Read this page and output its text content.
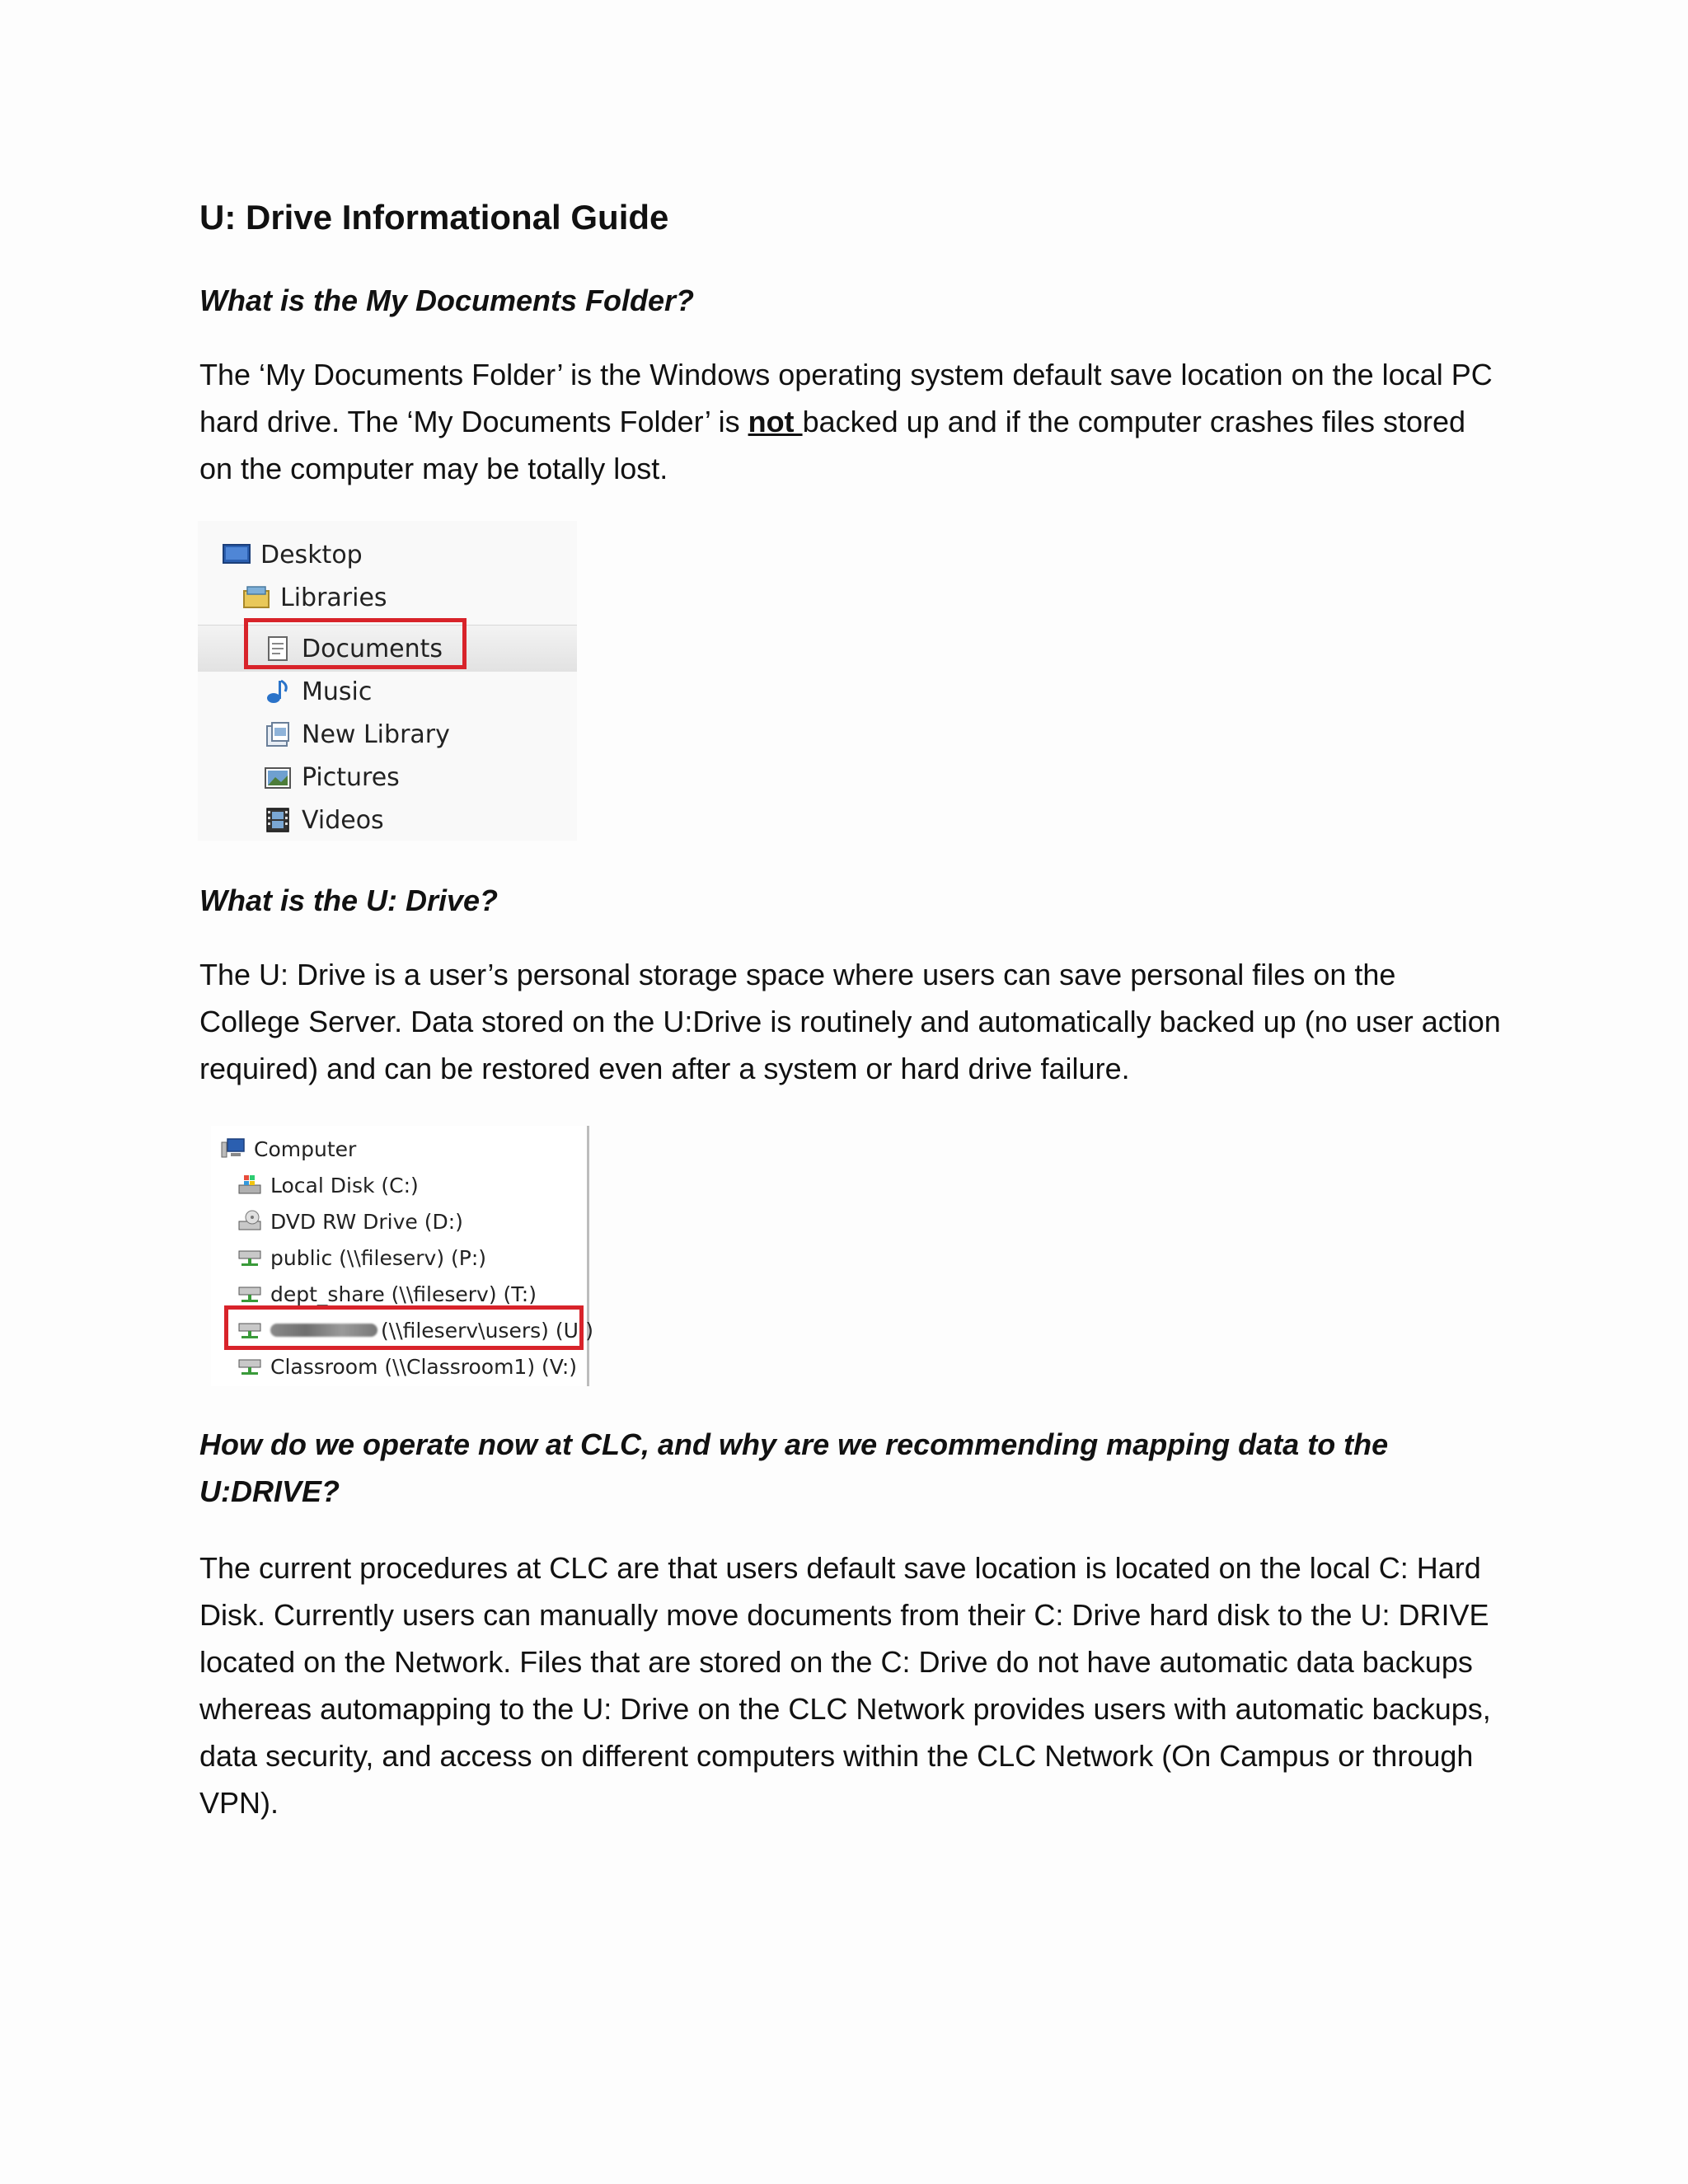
U: Drive Informational Guide
What is the My Documents Folder?
The ‘My Documents Folder’ is the Windows operating system default save location on the local PC hard drive. The ‘My Documents Folder’ is not backed up and if the computer crashes files stored on the computer may be totally lost.
Desktop
Libraries
Documents
Music
New Library
Pictures
Videos
What is the U: Drive?
The U: Drive is a user’s personal storage space where users can save personal files on the College Server. Data stored on the U:Drive is routinely and automatically backed up (no user action required) and can be restored even after a system or hard drive failure.
Computer
Local Disk (C:)
DVD RW Drive (D:)
public (\\fileserv) (P:)
dept_share (\\fileserv) (T:)
(\\fileserv\users) (U:)
Classroom (\\Classroom1) (V:)
How do we operate now at CLC, and why are we recommending mapping data to the U:DRIVE?
The current procedures at CLC are that users default save location is located on the local C: Hard Disk. Currently users can manually move documents from their C: Drive hard disk to the U: DRIVE located on the Network. Files that are stored on the C: Drive do not have automatic data backups whereas automapping to the U: Drive on the CLC Network provides users with automatic backups, data security, and access on different computers within the CLC Network (On Campus or through VPN).
